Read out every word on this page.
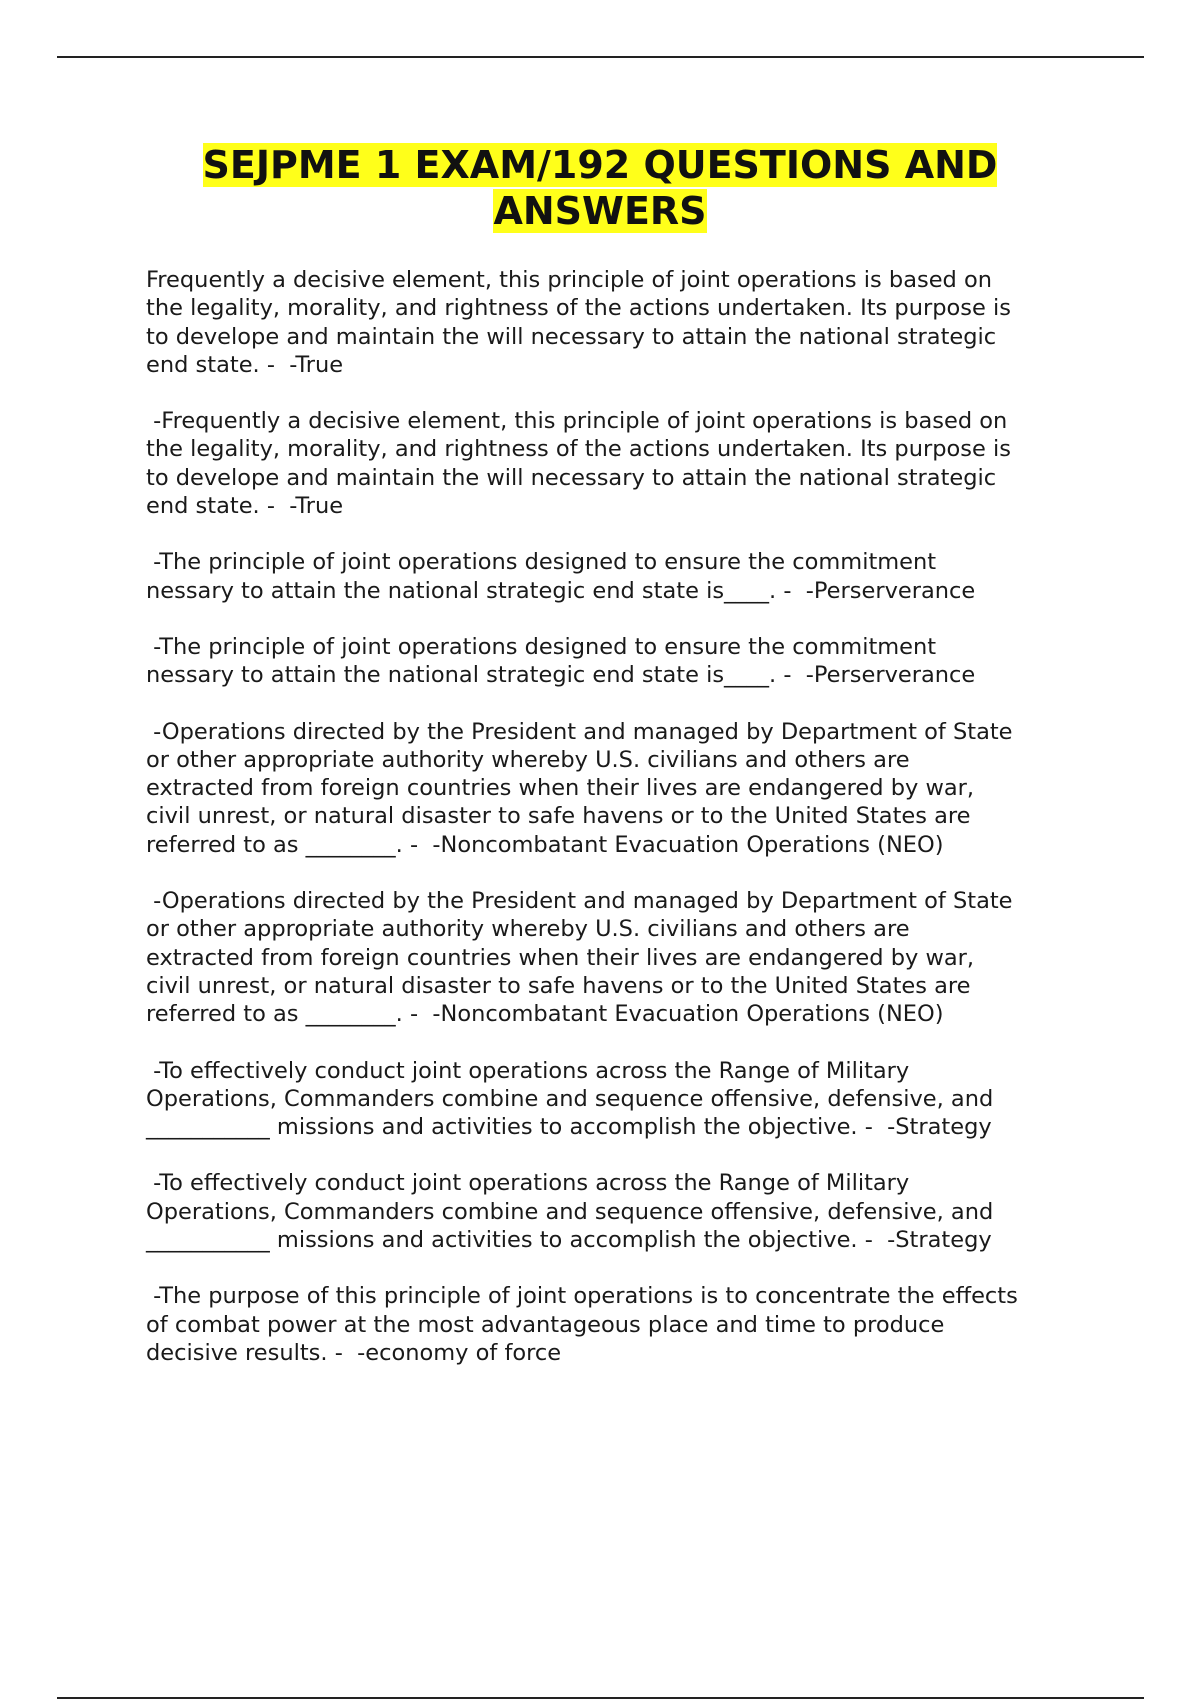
SEJPME 1 EXAM/192 QUESTIONS AND
ANSWERS

Frequently a decisive element, this principle of joint operations is based on
the legality, morality, and rightness of the actions undertaken. Its purpose is
to develope and maintain the will necessary to attain the national strategic
end state. -  -True

-Frequently a decisive element, this principle of joint operations is based on
the legality, morality, and rightness of the actions undertaken. Its purpose is
to develope and maintain the will necessary to attain the national strategic
end state. -  -True

-The principle of joint operations designed to ensure the commitment
nessary to attain the national strategic end state is____. -  -Perserverance

-The principle of joint operations designed to ensure the commitment
nessary to attain the national strategic end state is____. -  -Perserverance

-Operations directed by the President and managed by Department of State
or other appropriate authority whereby U.S. civilians and others are
extracted from foreign countries when their lives are endangered by war,
civil unrest, or natural disaster to safe havens or to the United States are
referred to as ________. -  -Noncombatant Evacuation Operations (NEO)

-Operations directed by the President and managed by Department of State
or other appropriate authority whereby U.S. civilians and others are
extracted from foreign countries when their lives are endangered by war,
civil unrest, or natural disaster to safe havens or to the United States are
referred to as ________. -  -Noncombatant Evacuation Operations (NEO)

-To effectively conduct joint operations across the Range of Military
Operations, Commanders combine and sequence offensive, defensive, and
___________ missions and activities to accomplish the objective. -  -Strategy

-To effectively conduct joint operations across the Range of Military
Operations, Commanders combine and sequence offensive, defensive, and
___________ missions and activities to accomplish the objective. -  -Strategy

-The purpose of this principle of joint operations is to concentrate the effects
of combat power at the most advantageous place and time to produce
decisive results. -  -economy of force
